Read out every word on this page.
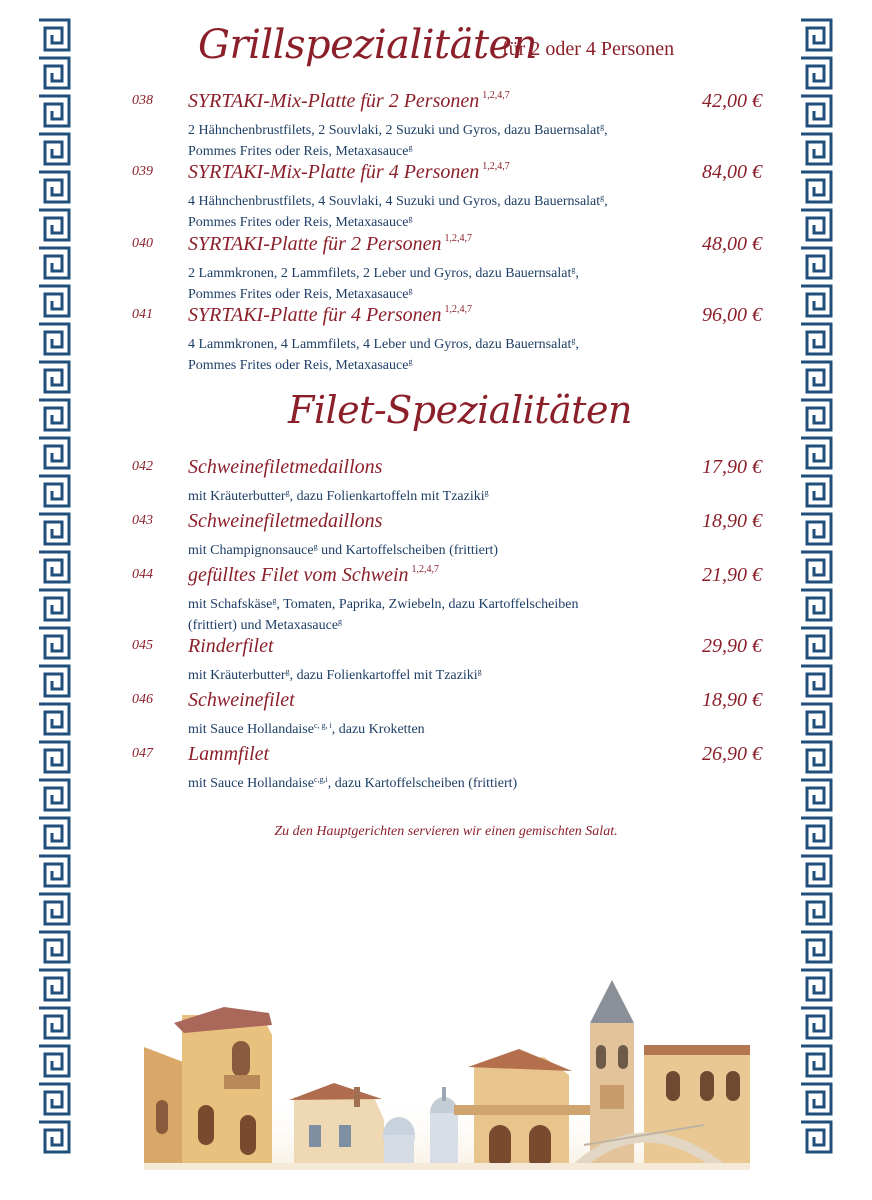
Grillspezialitäten
für 2 oder 4 Personen
038	SYRTAKI-Mix-Platte für 2 Personen $^{1,2,4,7}$	42,00 €
2 Hähnchenbrustfilets, 2 Souvlaki, 2 Suzuki und Gyros, dazu Bauernsalat$^g$,
Pommes Frites oder Reis, Metaxasauce$^g$
039	SYRTAKI-Mix-Platte für 4 Personen $^{1,2,4,7}$	84,00 €
4 Hähnchenbrustfilets, 4 Souvlaki, 4 Suzuki und Gyros, dazu Bauernsalat$^g$,
Pommes Frites oder Reis, Metaxasauce$^g$
040	SYRTAKI-Platte für 2 Personen $^{1,2,4,7}$	48,00 €
2 Lammkronen, 2 Lammfilets, 2 Leber und Gyros, dazu Bauernsalat$^g$,
Pommes Frites oder Reis, Metaxasauce$^g$
041	SYRTAKI-Platte für 4 Personen $^{1,2,4,7}$	96,00 €
4 Lammkronen, 4 Lammfilets, 4 Leber und Gyros, dazu Bauernsalat$^g$,
Pommes Frites oder Reis, Metaxasauce$^g$
Filet-Spezialitäten
042	Schweinefiletmedaillons	17,90 €
mit Kräuterbutter$^g$, dazu Folienkartoffeln mit Tzaziki$^g$
043	Schweinefiletmedaillons	18,90 €
mit Champignonsauce$^g$ und Kartoffelscheiben (frittiert)
044	gefülltes Filet vom Schwein $^{1,2,4,7}$	21,90 €
mit Schafskäse$^g$, Tomaten, Paprika, Zwiebeln, dazu Kartoffelscheiben
(frittiert) und Metaxasauce$^g$
045	Rinderfilet	29,90 €
mit Kräuterbutter$^g$, dazu Folienkartoffel mit Tzaziki$^g$
046	Schweinefilet	18,90 €
mit Sauce Hollandaise$^{c, g, i}$, dazu Kroketten
047	Lammfilet	26,90 €
mit Sauce Hollandaise$^{c,g,i}$, dazu Kartoffelscheiben (frittiert)
Zu den Hauptgerichten servieren wir einen gemischten Salat.
